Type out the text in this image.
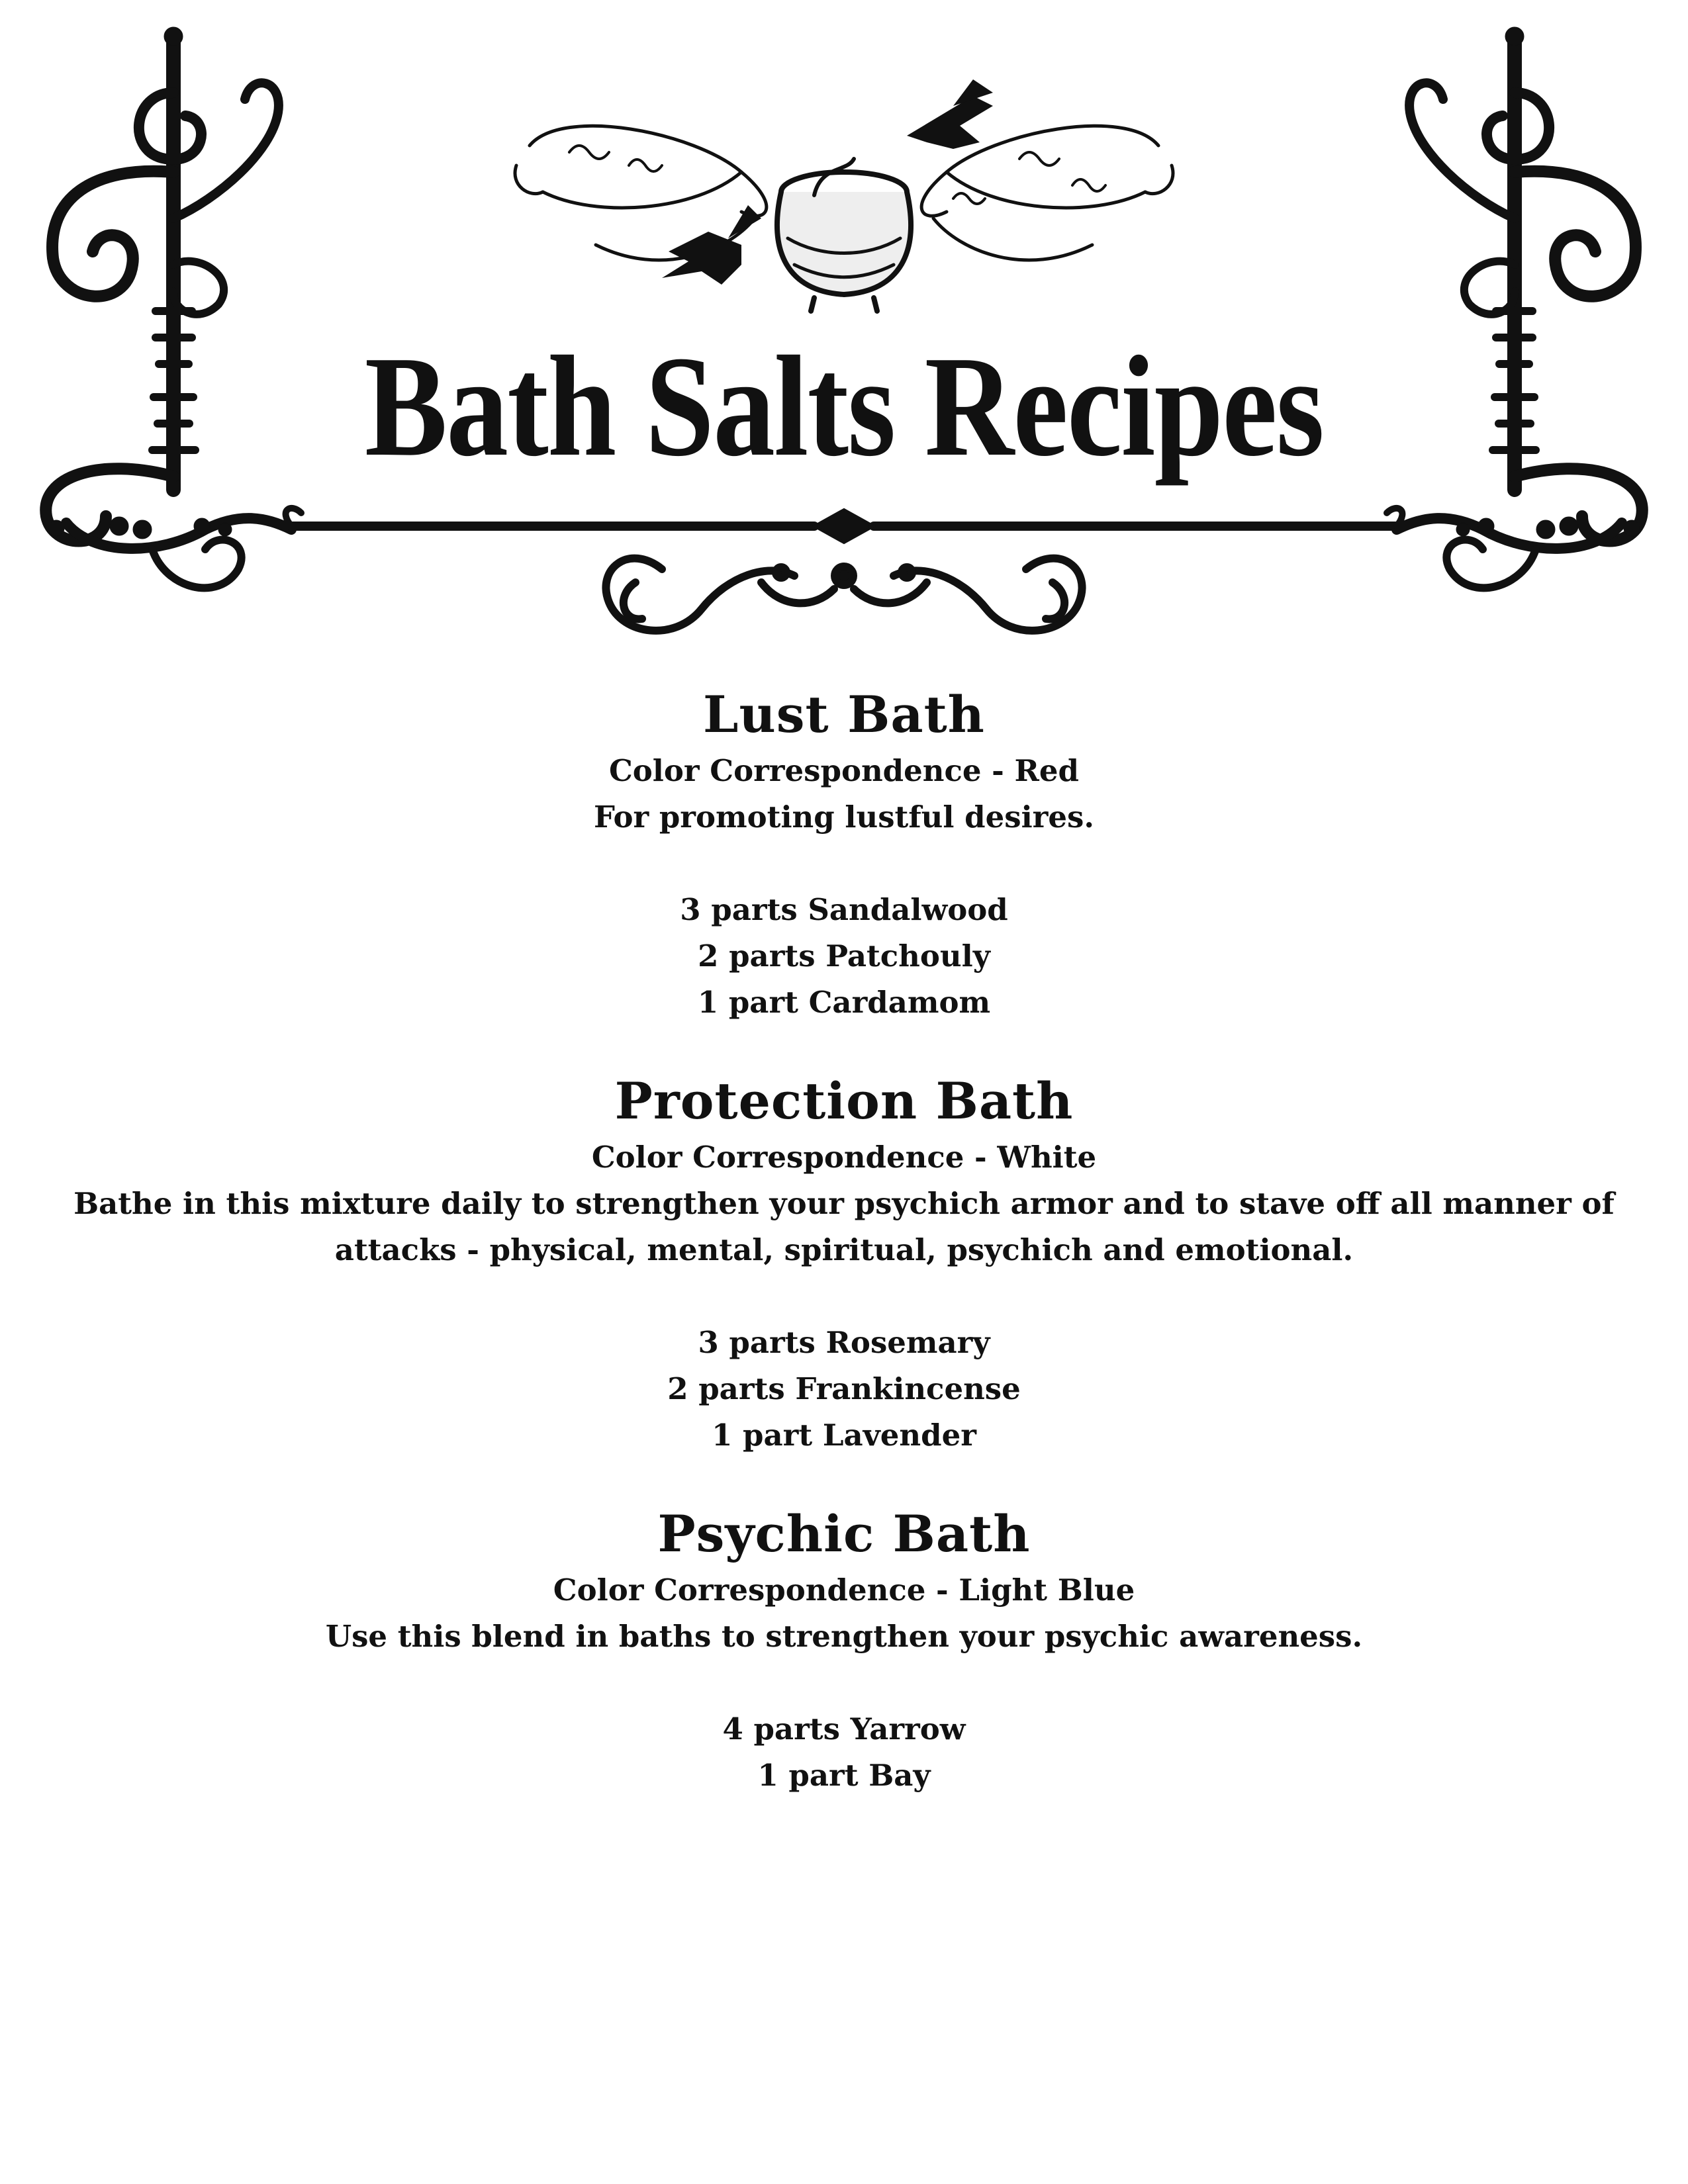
Bath Salts Recipes
Lust Bath
Color Correspondence - Red
For promoting lustful desires.
3 parts Sandalwood
2 parts Patchouly
1 part Cardamom
Protection Bath
Color Correspondence - White
Bathe in this mixture daily to strengthen your psychich armor and to stave off all manner of attacks - physical, mental, spiritual, psychich and emotional.
3 parts Rosemary
2 parts Frankincense
1 part Lavender
Psychic Bath
Color Correspondence - Light Blue
Use this blend in baths to strengthen your psychic awareness.
4 parts Yarrow
1 part Bay
